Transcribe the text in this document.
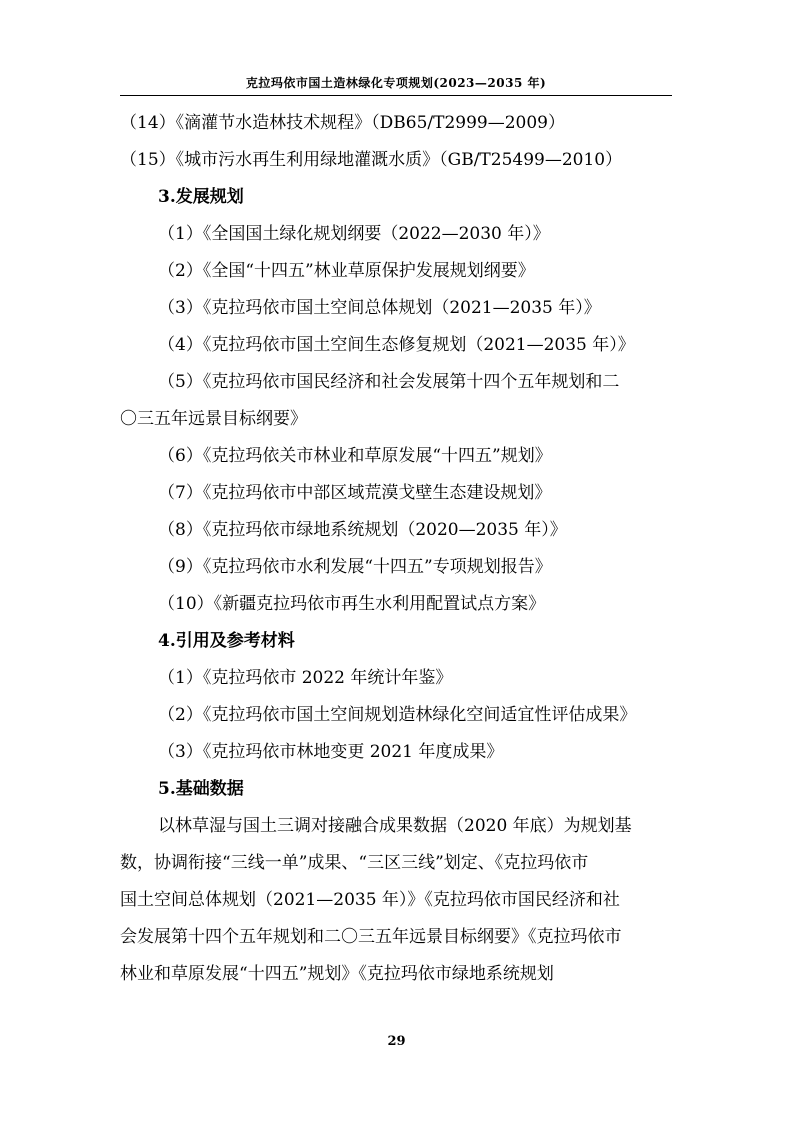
克拉玛依市国土造林绿化专项规划(2023—2035 年)
（14）《滴灌节水造林技术规程》（DB65/T2999—2009）
（15）《城市污水再生利用绿地灌溉水质》（GB/T25499—2010）
3.发展规划
（1）《全国国土绿化规划纲要（2022—2030 年）》
（2）《全国“十四五”林业草原保护发展规划纲要》
（3）《克拉玛依市国土空间总体规划（2021—2035 年）》
（4）《克拉玛依市国土空间生态修复规划（2021—2035 年）》
（5）《克拉玛依市国民经济和社会发展第十四个五年规划和二
〇三五年远景目标纲要》
（6）《克拉玛依关市林业和草原发展“十四五”规划》
（7）《克拉玛依市中部区域荒漠戈壁生态建设规划》
（8）《克拉玛依市绿地系统规划（2020—2035 年）》
（9）《克拉玛依市水利发展“十四五”专项规划报告》
（10）《新疆克拉玛依市再生水利用配置试点方案》
4.引用及参考材料
（1）《克拉玛依市 2022 年统计年鉴》
（2）《克拉玛依市国土空间规划造林绿化空间适宜性评估成果》
（3）《克拉玛依市林地变更 2021 年度成果》
5.基础数据
以林草湿与国土三调对接融合成果数据（2020 年底）为规划基
数，协调衔接“三线一单”成果、“三区三线”划定、《克拉玛依市
国土空间总体规划（2021—2035 年）》《克拉玛依市国民经济和社
会发展第十四个五年规划和二〇三五年远景目标纲要》《克拉玛依市
林业和草原发展“十四五”规划》《克拉玛依市绿地系统规划
29
